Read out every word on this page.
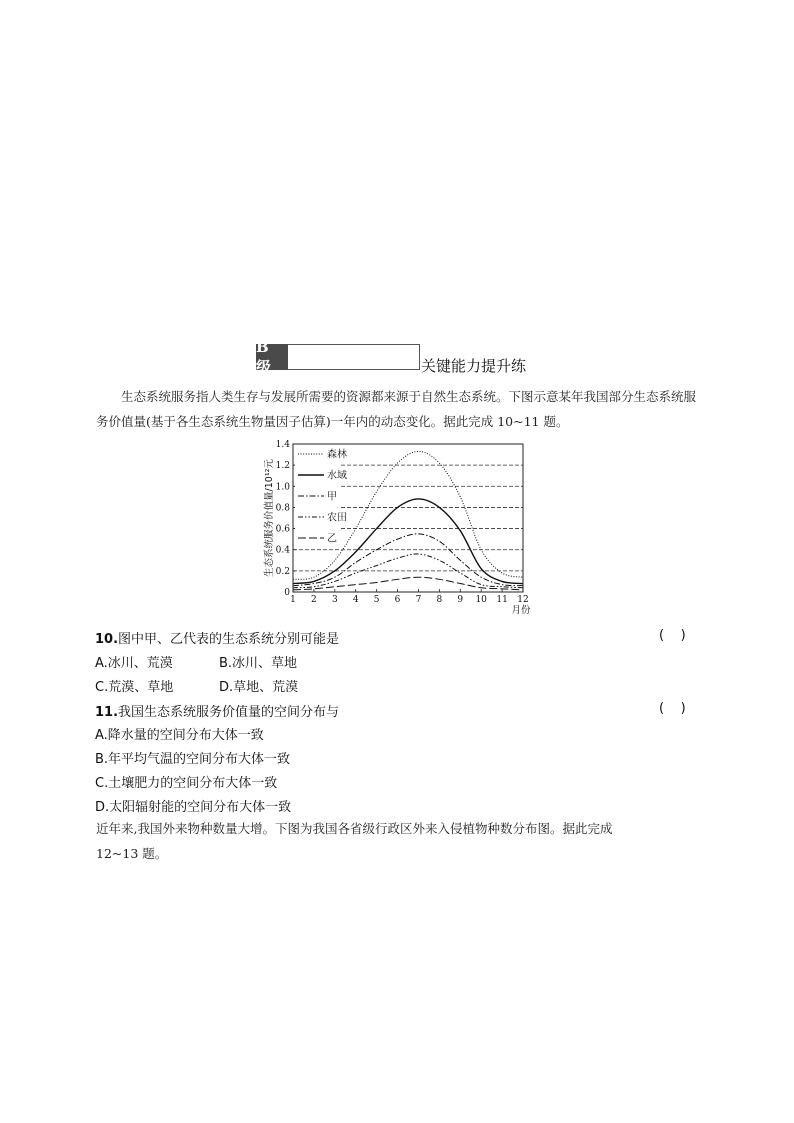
B 级	关键能力提升练

生态系统服务指人类生存与发展所需要的资源都来源于自然生态系统。下图示意某年我国部分生态系统服务价值量(基于各生态系统生物量因子估算)一年内的动态变化。据此完成 10~11 题。

0
0.2
0.4
0.6
0.8
1.0
1.2
1.4
1 2 3 4 5 6 7 8 9 10 11 12
月份
生态系统服务价值量/10¹²元
森林
水域
甲
农田
乙
10.图中甲、乙代表的生态系统分别可能是	(    )
A.冰川、荒漠	B.冰川、草地
C.荒漠、草地	D.草地、荒漠
11.我国生态系统服务价值量的空间分布与	(    )
A.降水量的空间分布大体一致
B.年平均气温的空间分布大体一致
C.土壤肥力的空间分布大体一致
D.太阳辐射能的空间分布大体一致

近年来,我国外来物种数量大增。下图为我国各省级行政区外来入侵植物种数分布图。据此完成

12~13 题。
